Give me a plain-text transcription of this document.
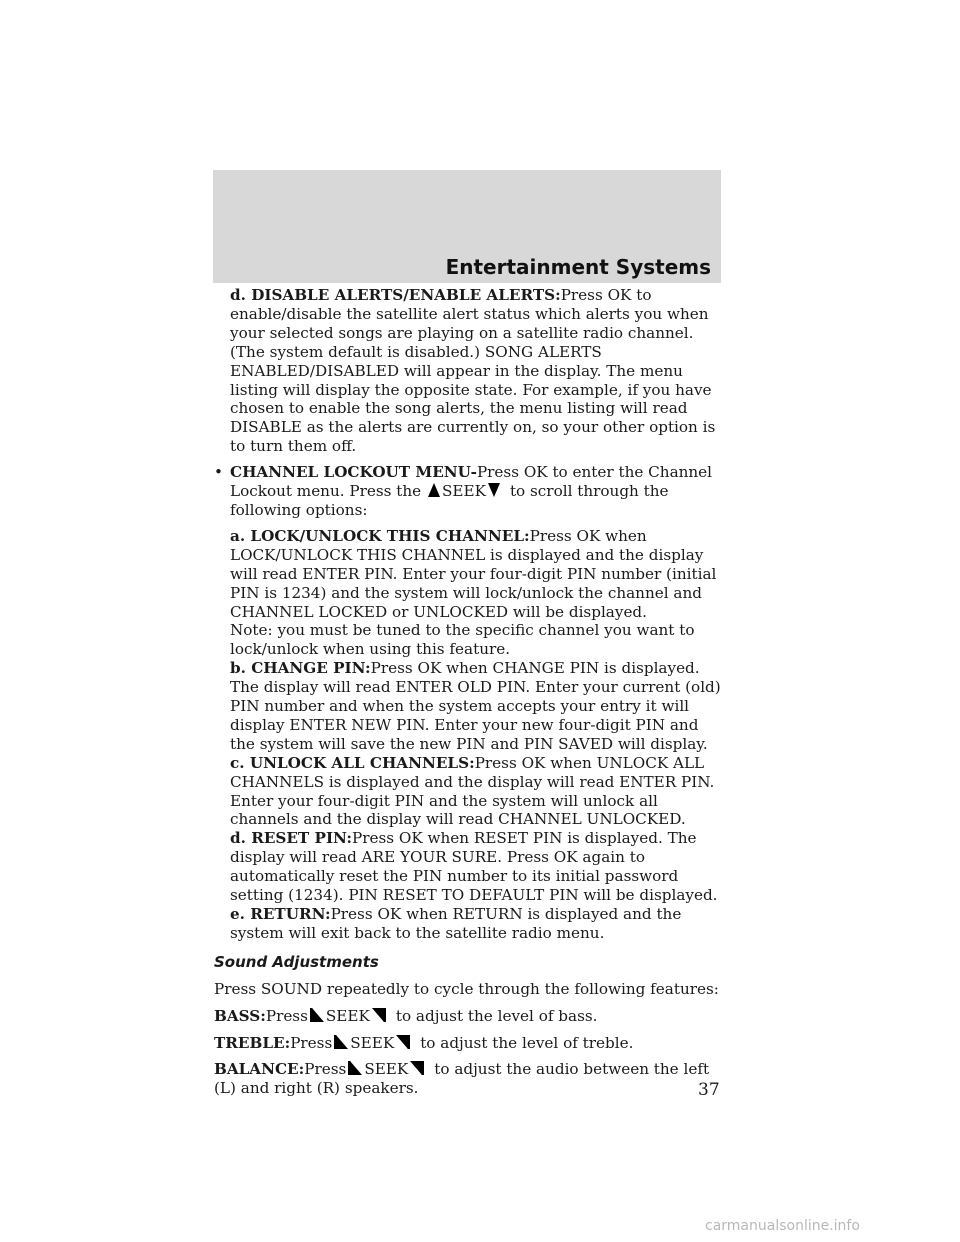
Entertainment Systems

d. DISABLE ALERTS/ENABLE ALERTS:Press OK to enable/disable the satellite alert status which alerts you when your selected songs are playing on a satellite radio channel. (The system default is disabled.) SONG ALERTS ENABLED/DISABLED will appear in the display. The menu listing will display the opposite state. For example, if you have chosen to enable the song alerts, the menu listing will read DISABLE as the alerts are currently on, so your other option is to turn them off.

• CHANNEL LOCKOUT MENU-Press OK to enter the Channel Lockout menu. Press the SEEK to scroll through the following options:

a. LOCK/UNLOCK THIS CHANNEL:Press OK when LOCK/UNLOCK THIS CHANNEL is displayed and the display will read ENTER PIN. Enter your four-digit PIN number (initial PIN is 1234) and the system will lock/unlock the channel and CHANNEL LOCKED or UNLOCKED will be displayed.

Note: you must be tuned to the specific channel you want to lock/unlock when using this feature.

b. CHANGE PIN:Press OK when CHANGE PIN is displayed. The display will read ENTER OLD PIN. Enter your current (old) PIN number and when the system accepts your entry it will display ENTER NEW PIN. Enter your new four-digit PIN and the system will save the new PIN and PIN SAVED will display.

c. UNLOCK ALL CHANNELS:Press OK when UNLOCK ALL CHANNELS is displayed and the display will read ENTER PIN. Enter your four-digit PIN and the system will unlock all channels and the display will read CHANNEL UNLOCKED.

d. RESET PIN:Press OK when RESET PIN is displayed. The display will read ARE YOUR SURE. Press OK again to automatically reset the PIN number to its initial password setting (1234). PIN RESET TO DEFAULT PIN will be displayed.

e. RETURN:Press OK when RETURN is displayed and the system will exit back to the satellite radio menu.

Sound Adjustments

Press SOUND repeatedly to cycle through the following features:

BASS:Press SEEK to adjust the level of bass.

TREBLE:Press SEEK to adjust the level of treble.

BALANCE:Press SEEK to adjust the audio between the left (L) and right (R) speakers.	37
carmanualsonline.info
